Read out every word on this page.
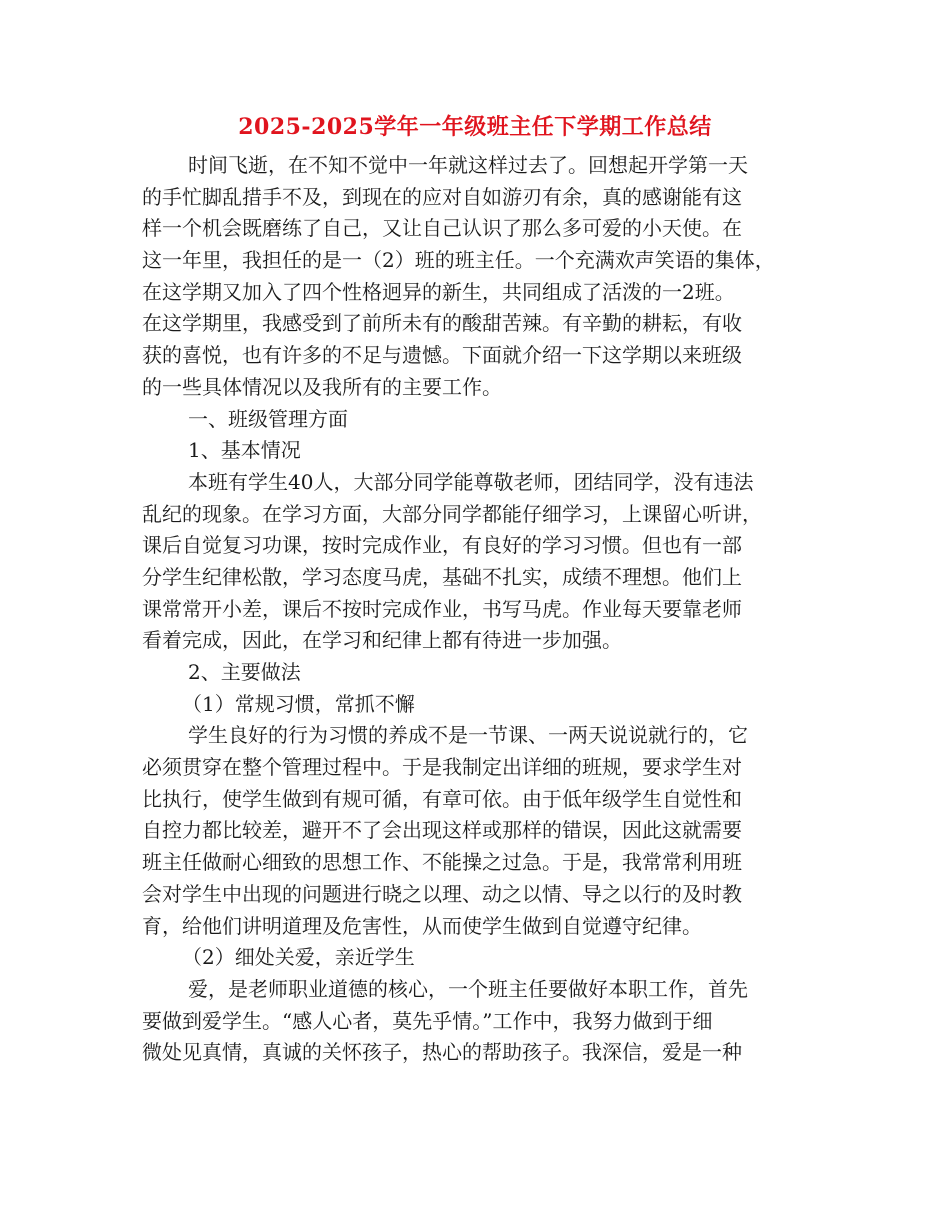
2025-2025学年一年级班主任下学期工作总结
时间飞逝，在不知不觉中一年就这样过去了。回想起开学第一天
的手忙脚乱措手不及，到现在的应对自如游刃有余，真的感谢能有这
样一个机会既磨练了自己，又让自己认识了那么多可爱的小天使。在
这一年里，我担任的是一（2）班的班主任。一个充满欢声笑语的集体，
在这学期又加入了四个性格迥异的新生，共同组成了活泼的一2班。
在这学期里，我感受到了前所未有的酸甜苦辣。有辛勤的耕耘，有收
获的喜悦，也有许多的不足与遗憾。下面就介绍一下这学期以来班级
的一些具体情况以及我所有的主要工作。
一、班级管理方面
1、基本情况
本班有学生40人，大部分同学能尊敬老师，团结同学，没有违法
乱纪的现象。在学习方面，大部分同学都能仔细学习，上课留心听讲，
课后自觉复习功课，按时完成作业，有良好的学习习惯。但也有一部
分学生纪律松散，学习态度马虎，基础不扎实，成绩不理想。他们上
课常常开小差，课后不按时完成作业，书写马虎。作业每天要靠老师
看着完成，因此，在学习和纪律上都有待进一步加强。
2、主要做法
（1）常规习惯，常抓不懈
学生良好的行为习惯的养成不是一节课、一两天说说就行的，它
必须贯穿在整个管理过程中。于是我制定出详细的班规，要求学生对
比执行，使学生做到有规可循，有章可依。由于低年级学生自觉性和
自控力都比较差，避开不了会出现这样或那样的错误，因此这就需要
班主任做耐心细致的思想工作、不能操之过急。于是，我常常利用班
会对学生中出现的问题进行晓之以理、动之以情、导之以行的及时教
育，给他们讲明道理及危害性，从而使学生做到自觉遵守纪律。
（2）细处关爱，亲近学生
爱，是老师职业道德的核心，一个班主任要做好本职工作，首先
要做到爱学生。“感人心者，莫先乎情。”工作中，我努力做到于细
微处见真情，真诚的关怀孩子，热心的帮助孩子。我深信，爱是一种
